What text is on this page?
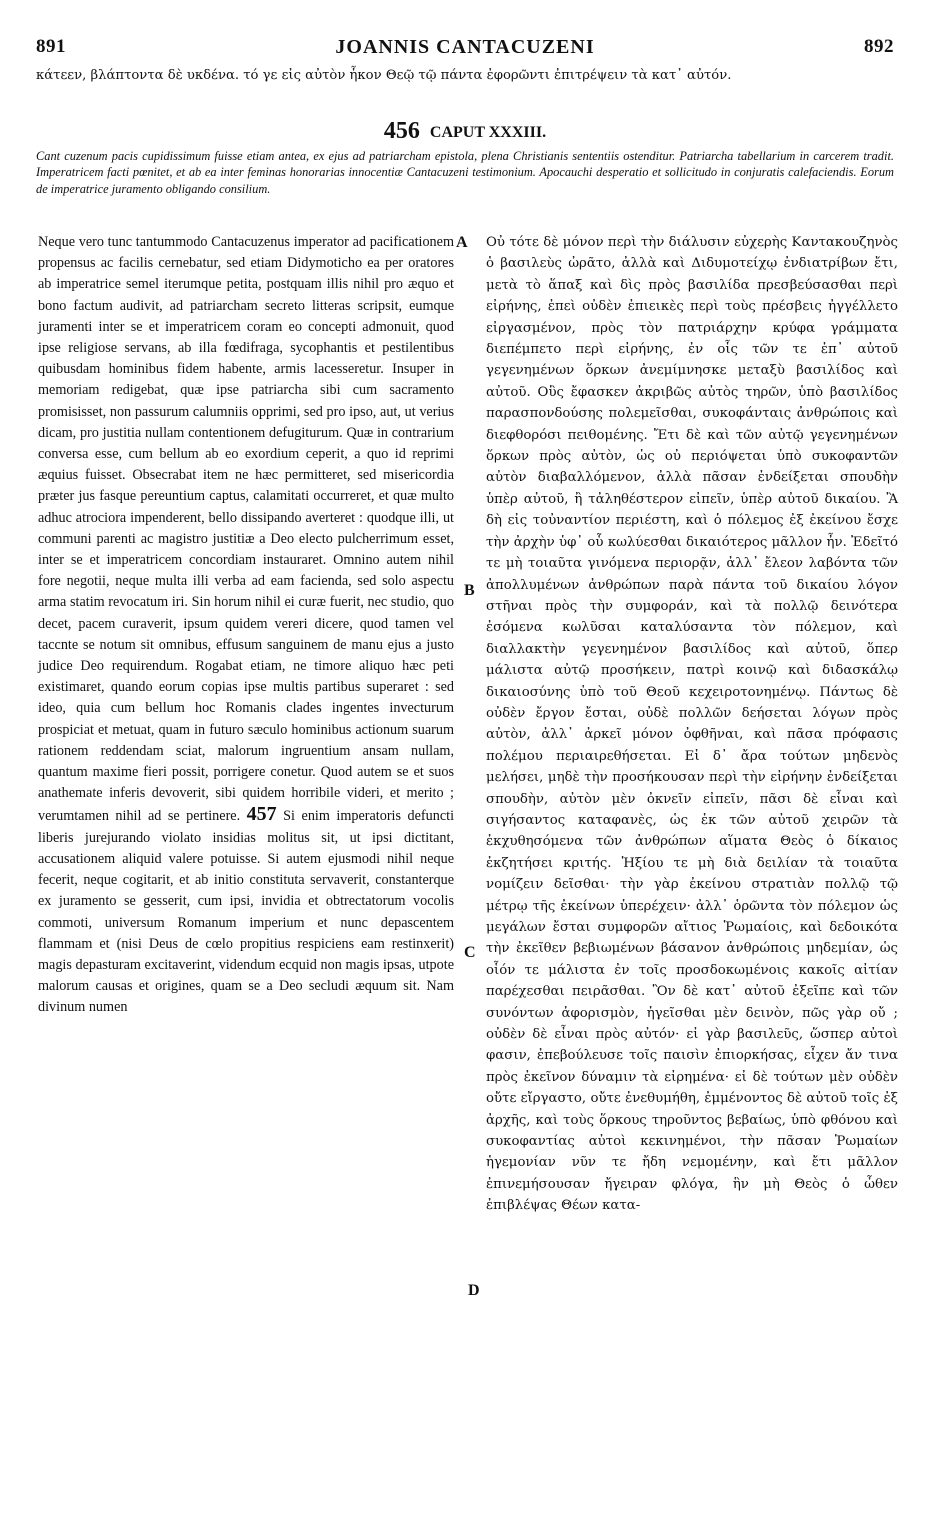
891	JOANNIS CANTACUZENI	892
κάτεεν, βλάπτοντα δὲ υκδένα. τό γε εἰς αὐτὸν ἧκον Θεῷ τῷ πάντα ἐφορῶντι ἐπιτρέψειν τὰ κατ᾽ αὐτόν.
456 CAPUT XXXIII.
Cant cuzenum pacis cupidissimum fuisse etiam antea, ex ejus ad patriarcham epistola, plena Christianis sententiis ostenditur. Patriarcha tabellarium in carcerem tradit. Imperatricem facti pœnitet, et ab ea inter feminas honorarias innocentiæ Cantacuzeni testimonium. Apocauchi desperatio et sollicitudo in conjuratis calefaciendis. Eorum de imperatrice juramento obligando consilium.

Neque vero tunc tantummodo Cantacuzenus imperator ad pacificationem propensus ac facilis cernebatur, sed etiam Didymoticho ea per oratores ab imperatrice semel iterumque petita, postquam illis nihil pro æquo et bono factum audivit, ad patriarcham secreto litteras scripsit, eumque juramenti inter se et imperatricem coram eo concepti admonuit, quod ipse religiose servans, ab illa fœdifraga, sycophantis et pestilentibus quibusdam hominibus fidem habente, armis lacesseretur. Insuper in memoriam redigebat, quæ ipse patriarcha sibi cum sacramento promisisset, non passurum calumniis opprimi, sed pro ipso, aut, ut verius dicam, pro justitia nullam contentionem defugiturum. Quæ in contrarium conversa esse, cum bellum ab eo exordium ceperit, a quo id reprimi æquius fuisset. Obsecrabat item ne hæc permitteret, sed misericordia præter jus fasque pereuntium captus, calamitati occurreret, et quæ multo adhuc atrociora impenderent, bello dissipando averteret : quodque illi, ut communi parenti ac magistro justitiæ a Deo electo pulcherrimum esset, inter se et imperatricem concordiam instauraret. Omnino autem nihil fore negotii, neque multa illi verba ad eam facienda, sed solo aspectu arma statim revocatum iri. Sin horum nihil ei curæ fuerit, nec studio, quo decet, pacem curaverit, ipsum quidem vereri dicere, quod tamen vel taccnte se notum sit omnibus, effusum sanguinem de manu ejus a justo judice Deo requirendum. Rogabat etiam, ne timore aliquo hæc peti existimaret, quando eorum copias ipse multis partibus superaret : sed ideo, quia cum bellum hoc Romanis clades ingentes invecturum prospiciat et metuat, quam in futuro sæculo hominibus actionum suarum rationem reddendam sciat, malorum ingruentium ansam nullam, quantum maxime fieri possit, porrigere conetur. Quod autem se et suos anathemate inferis devoverit, sibi quidem horribile videri, et merito ; verumtamen nihil ad se pertinere. 457 Si enim imperatoris defuncti liberis jurejurando violato insidias molitus sit, ut ipsi dictitant, accusationem aliquid valere potuisse. Si autem ejusmodi nihil neque fecerit, neque cogitarit, et ab initio constituta servaverit, constanterque ex juramento se gesserit, cum ipsi, invidia et obtrectatorum vocolis commoti, universum Romanum imperium et nunc depascentem flammam et (nisi Deus de cœlo propitius respiciens eam restinxerit) magis depasturam excitaverint, videndum ecquid non magis ipsas, utpote malorum causas et origines, quam se a Deo secludi æquum sit. Nam divinum numen

A
B
C
D

Οὐ τότε δὲ μόνον περὶ τὴν διάλυσιν εὐχερὴς Καντακουζηνὸς ὁ βασιλεὺς ὠρᾶτο, ἀλλὰ καὶ Διδυμοτείχῳ ἐνδιατρίβων ἔτι, μετὰ τὸ ἅπαξ καὶ δὶς πρὸς βασιλίδα πρεσβεύσασθαι περὶ εἰρήνης, ἐπεὶ οὐδὲν ἐπιεικὲς περὶ τοὺς πρέσβεις ἠγγέλλετο εἰργασμένον, πρὸς τὸν πατριάρχην κρύφα γράμματα διεπέμπετο περὶ εἰρήνης, ἐν οἷς τῶν τε ἐπ᾽ αὐτοῦ γεγενημένων ὅρκων ἀνεμίμνησκε μεταξὺ βασιλίδος καὶ αὐτοῦ. Οὓς ἔφασκεν ἀκριβῶς αὐτὸς τηρῶν, ὑπὸ βασιλίδος παρασπονδούσης πολεμεῖσθαι, συκοφάνταις ἀνθρώποις καὶ διεφθορόσι πειθομένης. Ἔτι δὲ καὶ τῶν αὐτῷ γεγενημένων ὅρκων πρὸς αὐτὸν, ὡς οὐ περιόψεται ὑπὸ συκοφαντῶν αὐτὸν διαβαλλόμενον, ἀλλὰ πᾶσαν ἐνδείξεται σπουδὴν ὑπὲρ αὐτοῦ, ἢ τἀληθέστερον εἰπεῖν, ὑπὲρ αὐτοῦ δικαίου. Ἃ δὴ εἰς τοὐναντίον περιέστη, καὶ ὁ πόλεμος ἐξ ἐκείνου ἔσχε τὴν ἀρχὴν ὑφ᾽ οὗ κωλύεσθαι δικαιότερος μᾶλλον ἦν. Ἐδεῖτό τε μὴ τοιαῦτα γινόμενα περιορᾷν, ἀλλ᾽ ἔλεον λαβόντα τῶν ἀπολλυμένων ἀνθρώπων παρὰ πάντα τοῦ δικαίου λόγον στῆναι πρὸς τὴν συμφοράν, καὶ τὰ πολλῷ δεινότερα ἐσόμενα κωλῦσαι καταλύσαντα τὸν πόλεμον, καὶ διαλλακτὴν γεγενημένον βασιλίδος καὶ αὐτοῦ, ὅπερ μάλιστα αὐτῷ προσήκειν, πατρὶ κοινῷ καὶ διδασκάλῳ δικαιοσύνης ὑπὸ τοῦ Θεοῦ κεχειροτονημένῳ. Πάντως δὲ οὐδὲν ἔργον ἔσται, οὐδὲ πολλῶν δεήσεται λόγων πρὸς αὐτὸν, ἀλλ᾽ ἀρκεῖ μόνον ὀφθῆναι, καὶ πᾶσα πρόφασις πολέμου περιαιρεθήσεται. Εἰ δ᾽ ἄρα τούτων μηδενὸς μελήσει, μηδὲ τὴν προσήκουσαν περὶ τὴν εἰρήνην ἐνδείξεται σπουδὴν, αὐτὸν μὲν ὀκνεῖν εἰπεῖν, πᾶσι δὲ εἶναι καὶ σιγήσαντος καταφανὲς, ὡς ἐκ τῶν αὐτοῦ χειρῶν τὰ ἐκχυθησόμενα τῶν ἀνθρώπων αἵματα Θεὸς ὁ δίκαιος ἐκζητήσει κριτής. Ἠξίου τε μὴ διὰ δειλίαν τὰ τοιαῦτα νομίζειν δεῖσθαι· τὴν γὰρ ἐκείνου στρατιὰν πολλῷ τῷ μέτρῳ τῆς ἐκείνων ὑπερέχειν· ἀλλ᾽ ὁρῶντα τὸν πόλεμον ὡς μεγάλων ἔσται συμφορῶν αἴτιος Ῥωμαίοις, καὶ δεδοικότα τὴν ἐκεῖθεν βεβιωμένων βάσανον ἀνθρώποις μηδεμίαν, ὡς οἷόν τε μάλιστα ἐν τοῖς προσδοκωμένοις κακοῖς αἰτίαν παρέχεσθαι πειρᾶσθαι. Ὃν δὲ κατ᾽ αὐτοῦ ἐξεῖπε καὶ τῶν συνόντων ἀφορισμὸν, ἡγεῖσθαι μὲν δεινὸν, πῶς γὰρ οὔ ; οὐδὲν δὲ εἶναι πρὸς αὐτόν· εἰ γὰρ βασιλεῦς, ὥσπερ αὐτοὶ φασιν, ἐπεβούλευσε τοῖς παισὶν ἐπιορκήσας, εἶχεν ἄν τινα πρὸς ἐκεῖνον δύναμιν τὰ εἰρημένα· εἰ δὲ τούτων μὲν οὐδὲν οὔτε εἴργαστο, οὔτε ἐνεθυμήθη, ἐμμένοντος δὲ αὐτοῦ τοῖς ἐξ ἀρχῆς, καὶ τοὺς ὅρκους τηροῦντος βεβαίως, ὑπὸ φθόνου καὶ συκοφαντίας αὐτοὶ κεκινημένοι, τὴν πᾶσαν Ῥωμαίων ἡγεμονίαν νῦν τε ἤδη νεμομένην, καὶ ἔτι μᾶλλον ἐπινεμήσουσαν ἤγειραν φλόγα, ἣν μὴ Θεὸς ὁ ὦθεν ἐπιβλέψας Θέων κατα-
